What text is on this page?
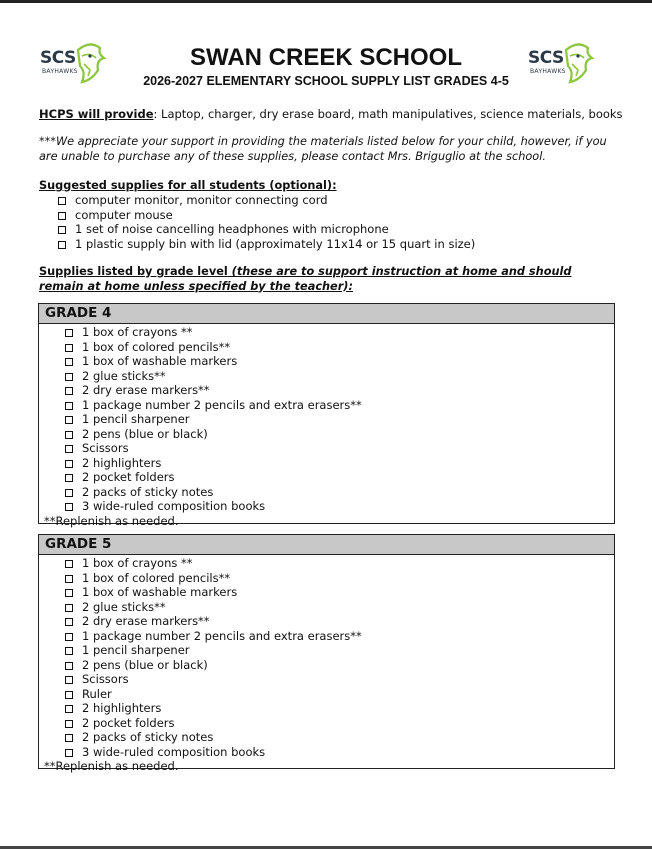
SCS
BAYHAWKS
SCS
BAYHAWKS
SWAN CREEK SCHOOL
2026-2027 ELEMENTARY SCHOOL SUPPLY LIST GRADES 4-5
HCPS will provide: Laptop, charger, dry erase board, math manipulatives, science materials, books
***We appreciate your support in providing the materials listed below for your child, however, if you are unable to purchase any of these supplies, please contact Mrs. Briguglio at the school.
Suggested supplies for all students (optional):
computer monitor, monitor connecting cord
computer mouse
1 set of noise cancelling headphones with microphone
1 plastic supply bin with lid (approximately 11x14 or 15 quart in size)
Supplies listed by grade level (these are to support instruction at home and should remain at home unless specified by the teacher):
GRADE 4
1 box of crayons **
1 box of colored pencils**
1 box of washable markers
2 glue sticks**
2 dry erase markers**
1 package number 2 pencils and extra erasers**
1 pencil sharpener
2 pens (blue or black)
Scissors
2 highlighters
2 pocket folders
2 packs of sticky notes
3 wide-ruled composition books
**Replenish as needed.
GRADE 5
1 box of crayons **
1 box of colored pencils**
1 box of washable markers
2 glue sticks**
2 dry erase markers**
1 package number 2 pencils and extra erasers**
1 pencil sharpener
2 pens (blue or black)
Scissors
Ruler
2 highlighters
2 pocket folders
2 packs of sticky notes
3 wide-ruled composition books
**Replenish as needed.
